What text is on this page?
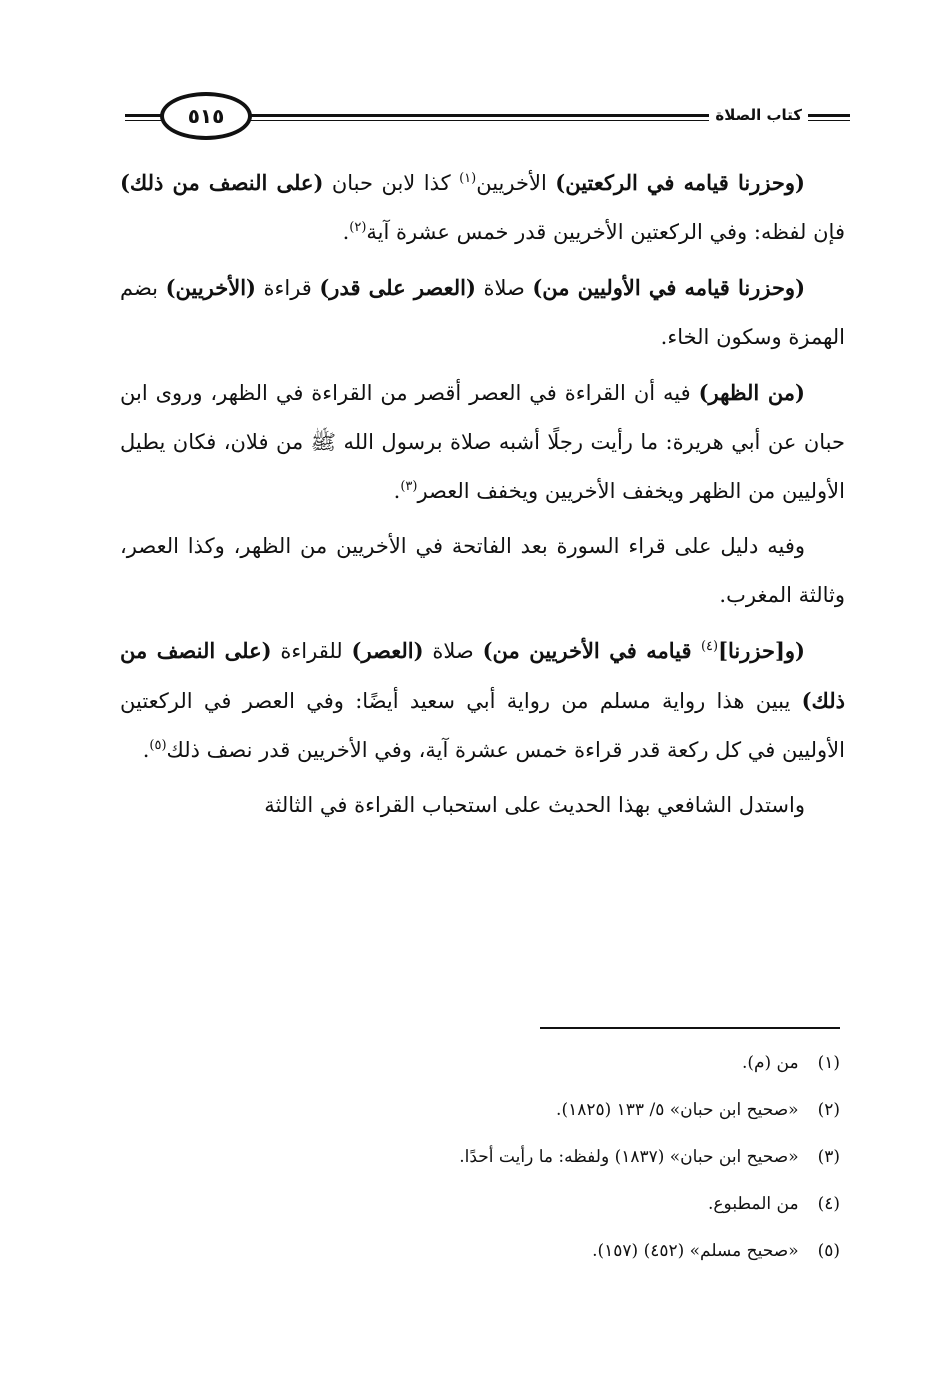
٥١٥	كتاب الصلاة

(وحزرنا قيامه في الركعتين) الأخريين$^{(١)}$ كذا لابن حبان (على النصف من ذلك) فإن لفظه: وفي الركعتين الأخريين قدر خمس عشرة آية$^{(٢)}$.

(وحزرنا قيامه في الأوليين من) صلاة (العصر على قدر) قراءة (الأخريين) بضم الهمزة وسكون الخاء.

(من الظهر) فيه أن القراءة في العصر أقصر من القراءة في الظهر، وروى ابن حبان عن أبي هريرة: ما رأيت رجلًا أشبه صلاة برسول الله ﷺ من فلان، فكان يطيل الأوليين من الظهر ويخفف الأخريين ويخفف العصر$^{(٣)}$.

وفيه دليل على قراء السورة بعد الفاتحة في الأخريين من الظهر، وكذا العصر، وثالثة المغرب.

(و[حزرنا]$^{(٤)}$ قيامه في الأخريين من) صلاة (العصر) للقراءة (على النصف من ذلك) يبين هذا رواية مسلم من رواية أبي سعيد أيضًا: وفي العصر في الركعتين الأوليين في كل ركعة قدر قراءة خمس عشرة آية، وفي الأخريين قدر نصف ذلك$^{(٥)}$.

واستدل الشافعي بهذا الحديث على استحباب القراءة في الثالثة

(١) من (م).
(٢) «صحيح ابن حبان» ٥/ ١٣٣ (١٨٢٥).
(٣) «صحيح ابن حبان» (١٨٣٧) ولفظه: ما رأيت أحدًا.
(٤) من المطبوع.
(٥) «صحيح مسلم» (٤٥٢) (١٥٧).
